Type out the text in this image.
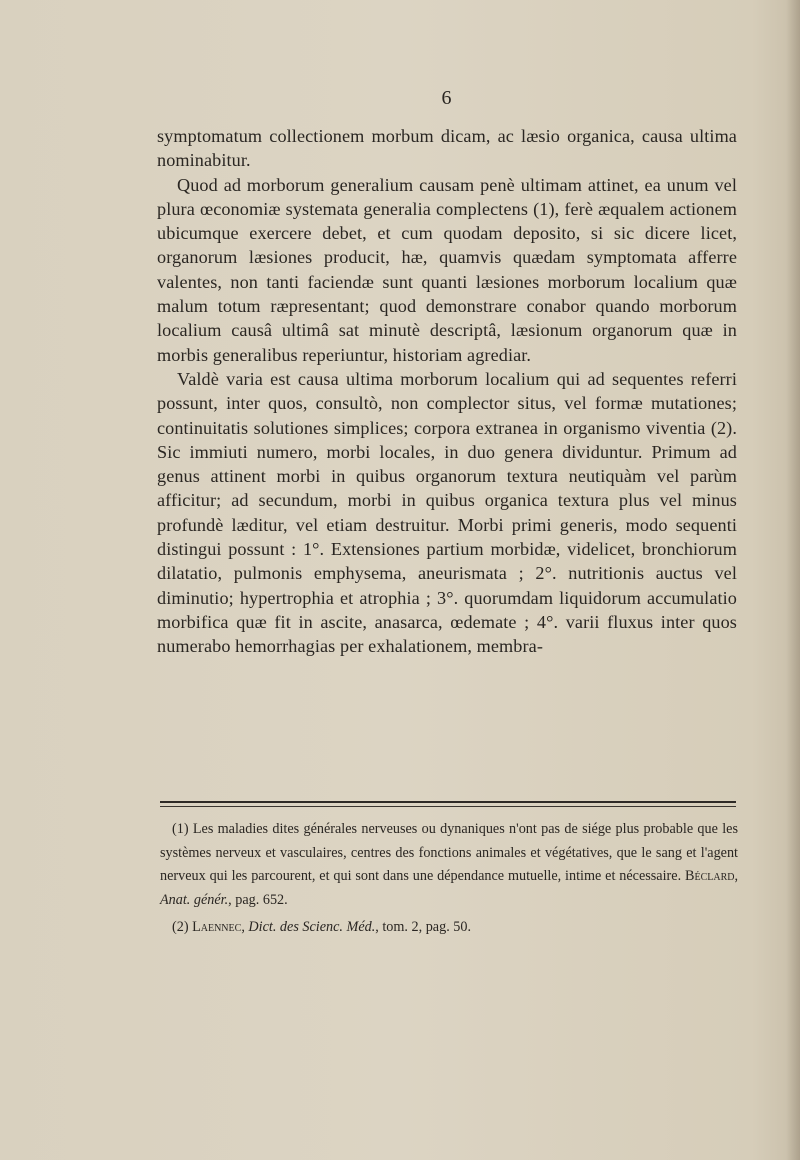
6

symptomatum collectionem morbum dicam, ac læsio organica, causa ultima nominabitur.

Quod ad morborum generalium causam penè ultimam attinet, ea unum vel plura œconomiæ systemata generalia complectens (1), ferè æqualem actionem ubicumque exercere debet, et cum quodam deposito, si sic dicere licet, organorum læsiones producit, hæ, quamvis quædam symptomata afferre valentes, non tanti faciendæ sunt quanti læsiones morborum localium quæ malum totum ræpresentant; quod demonstrare conabor quando morborum localium causâ ultimâ sat minutè descriptâ, læsionum organorum quæ in morbis generalibus reperiuntur, historiam agrediar.

Valdè varia est causa ultima morborum localium qui ad sequentes referri possunt, inter quos, consultò, non complector situs, vel formæ mutationes; continuitatis solutiones simplices; corpora extranea in organismo viventia (2). Sic immiuti numero, morbi locales, in duo genera dividuntur. Primum ad genus attinent morbi in quibus organorum textura neutiquàm vel parùm afficitur; ad secundum, morbi in quibus organica textura plus vel minus profundè læditur, vel etiam destruitur. Morbi primi generis, modo sequenti distingui possunt : 1°. Extensiones partium morbidæ, videlicet, bronchiorum dilatatio, pulmonis emphysema, aneurismata ; 2°. nutritionis auctus vel diminutio; hypertrophia et atrophia ; 3°. quorumdam liquidorum accumulatio morbifica quæ fit in ascite, anasarca, œdemate ; 4°. varii fluxus inter quos numerabo hemorrhagias per exhalationem, membra-

(1) Les maladies dites générales nerveuses ou dynaniques n'ont pas de siége plus probable que les systèmes nerveux et vasculaires, centres des fonctions animales et végétatives, que le sang et l'agent nerveux qui les parcourent, et qui sont dans une dépendance mutuelle, intime et nécessaire. Béclard, Anat. génér., pag. 652.

(2) Laennec, Dict. des Scienc. Méd., tom. 2, pag. 50.
